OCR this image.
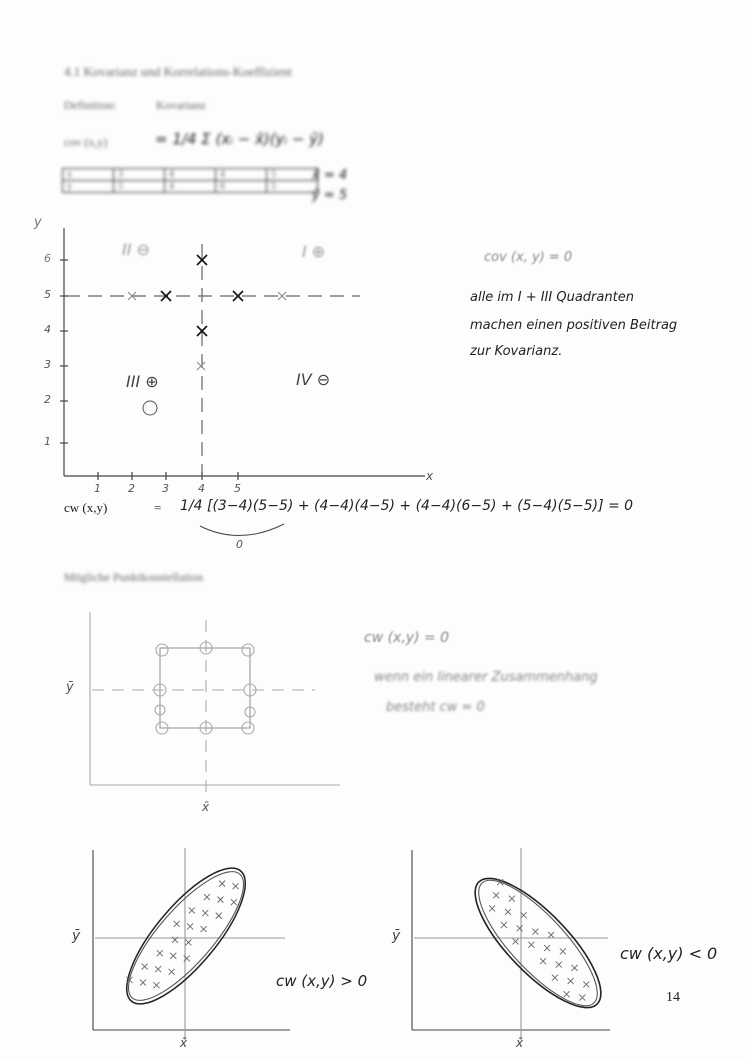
4.1 Kovarianz und Korrelations-Koeffizient
Definition:	Kovarianz
cov (x,y)	= 1/4 Σ (xᵢ − x̄)(yᵢ − ȳ)
x	3	4	4	5
y	5	4	6	5
x̄ = 4
ȳ = 5
y
x
6
5
4
3
2
1
1 2 3	4	5
II ⊖	I ⊕
III ⊕	IV ⊖
cov (x, y) = 0
alle im I + III Quadranten
machen einen positiven Beitrag
zur Kovarianz.
cw (x,y)	= 1/4 [(3−4)(5−5) + (4−4)(4−5) + (4−4)(6−5) + (5−4)(5−5)] = 0
0
Mögliche Punktkonstellation
ȳ
x̄
cw (x,y) = 0
wenn ein linearer Zusammenhang
besteht cw = 0
ȳ
x̄
cw (x,y) > 0
ȳ
x̄
cw (x,y) < 0
14
